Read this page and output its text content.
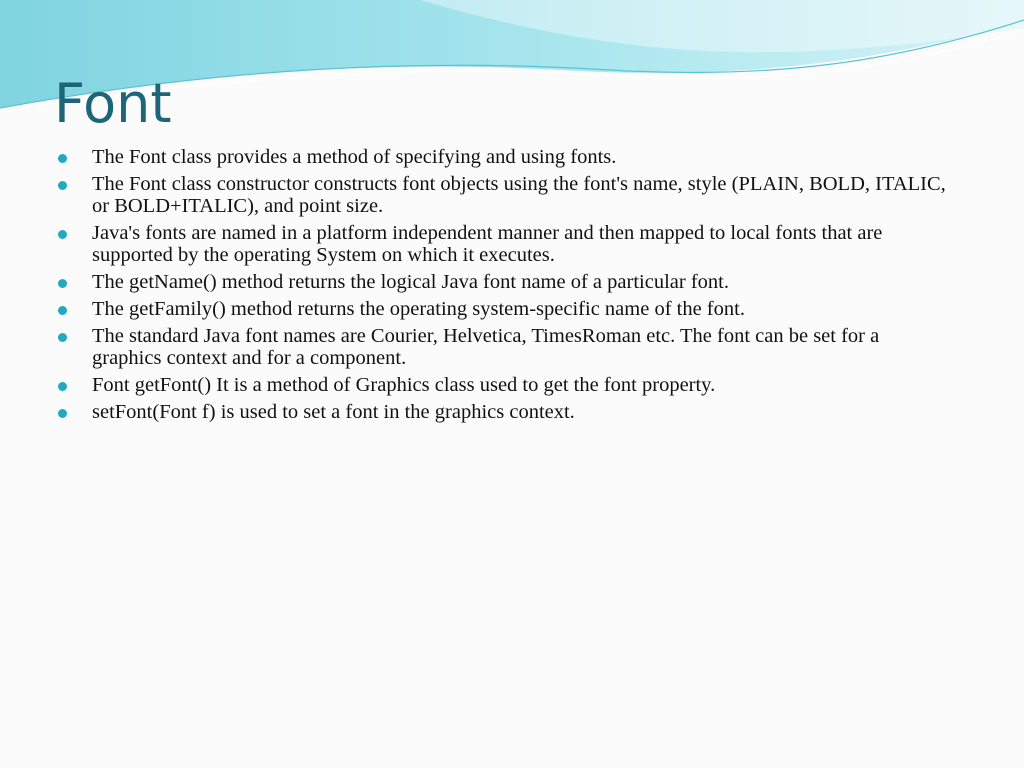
Font
The Font class provides a method of specifying and using fonts.
The Font class constructor constructs font objects using the font's name, style (PLAIN, BOLD, ITALIC, or BOLD+ITALIC), and point size.
Java's fonts are named in a platform independent manner and then mapped to local fonts that are supported by the operating System on which it executes.
The getName() method returns the logical Java font name of a particular font.
The getFamily() method returns the operating system-specific name of the font.
The standard Java font names are Courier, Helvetica, TimesRoman etc. The font can be set for a graphics context and for a component.
Font getFont() It is a method of Graphics class used to get the font property.
setFont(Font f) is used to set a font in the graphics context.
